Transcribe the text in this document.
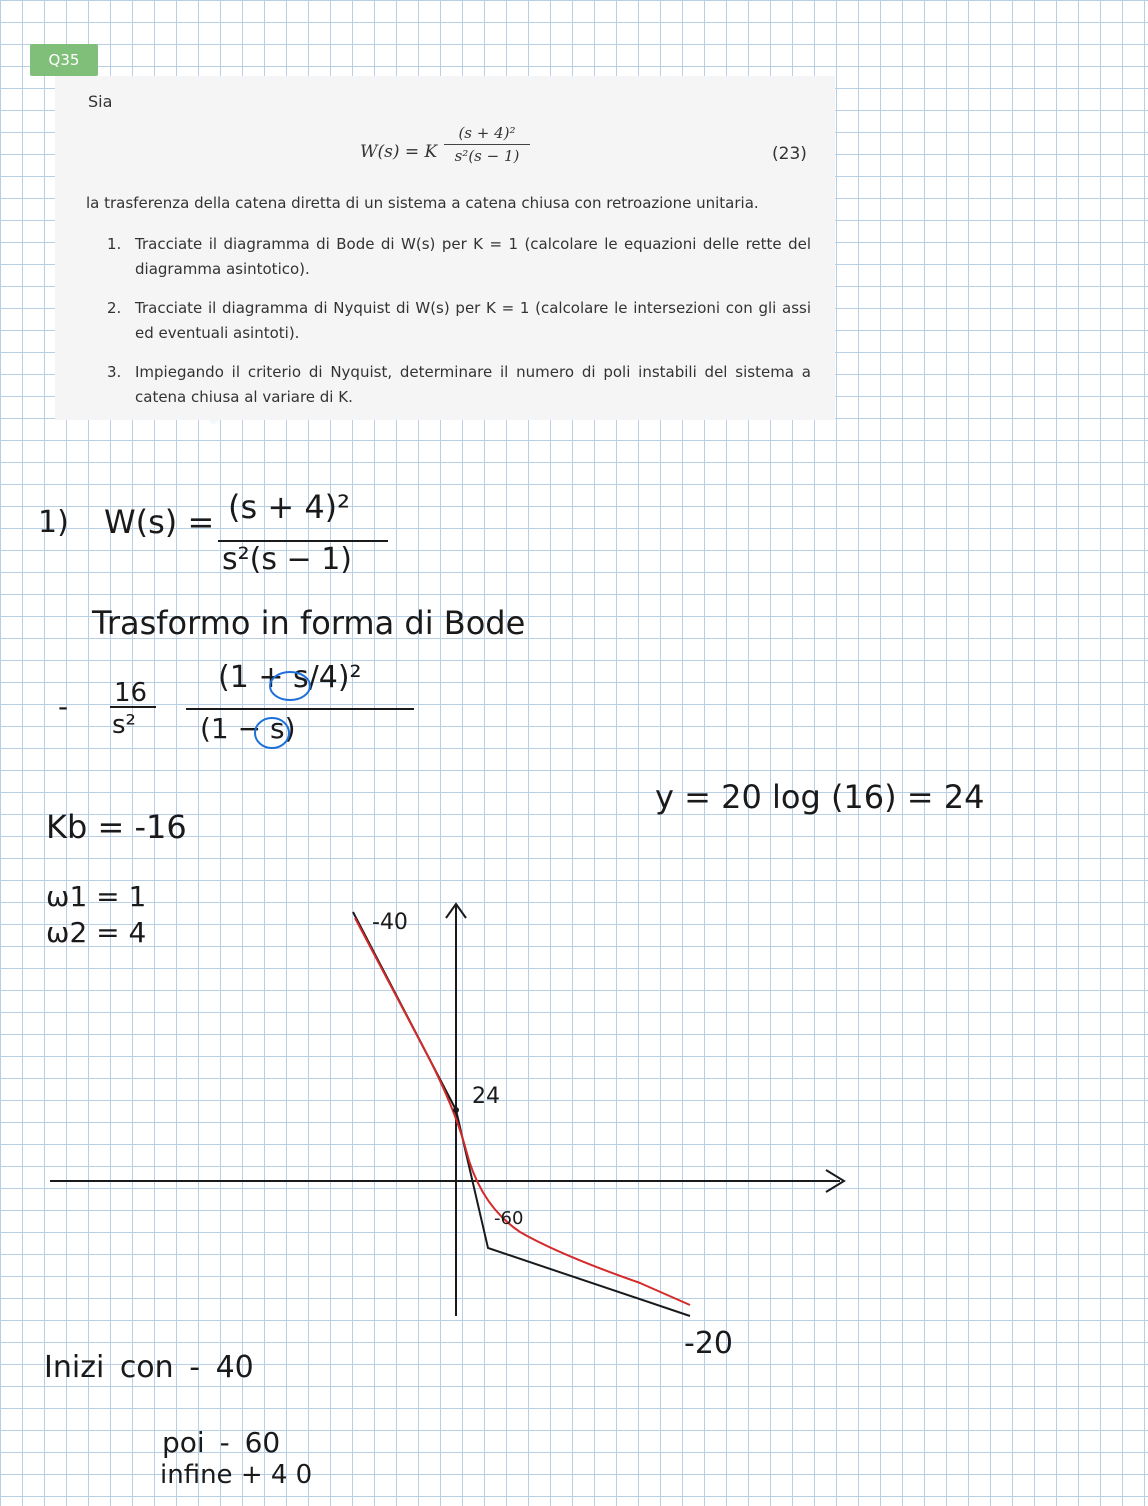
Q35
Sia
W(s) = K $\frac{\text{(s + 4)²}}{\text{s²(s − 1)}}$	(23)
la trasferenza della catena diretta di un sistema a catena chiusa con retroazione unitaria.
1. Tracciate il diagramma di Bode di W(s) per K = 1 (calcolare le equazioni delle rette del diagramma asintotico).
2. Tracciate il diagramma di Nyquist di W(s) per K = 1 (calcolare le intersezioni con gli assi ed eventuali asintoti).
3. Impiegando il criterio di Nyquist, determinare il numero di poli instabili del sistema a catena chiusa al variare di K.
1) W(s) = (s + 4)²
s²(s − 1)
Trasformo in forma di Bode
- 16
s²
(1 + s/4)²
(1 − s)
y = 20 log (16) = 24
Kb = -16
ω1 = 1
ω2 = 4	-40
24
-60
-20
Inizi con - 40
poi - 60
infine + 4 0
